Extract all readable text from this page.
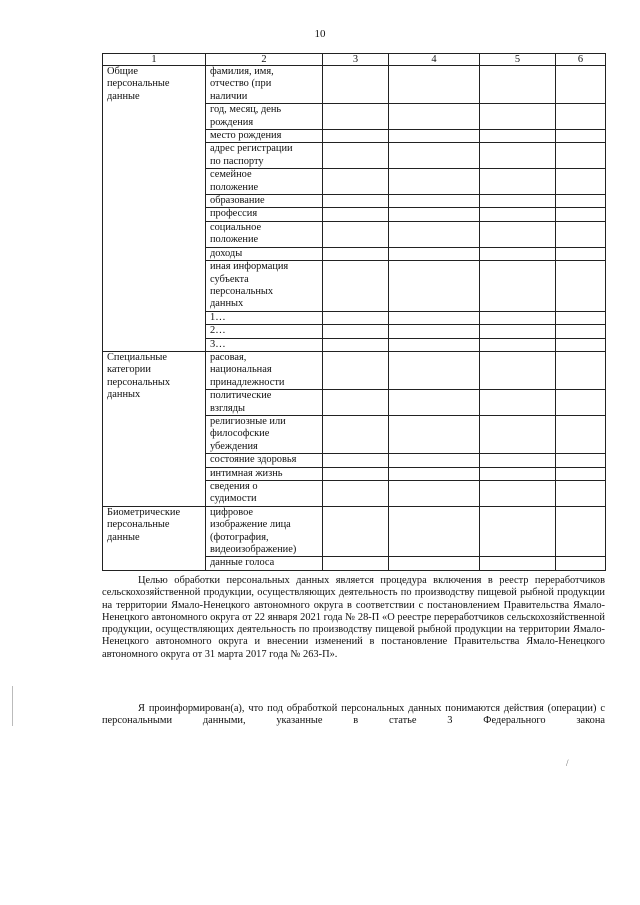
10
1	2	3	4	5	6
Общие
персональные
данные	фамилия, имя,
отчество (при
наличии				
	год, месяц, день
рождения				
	место рождения				
	адрес регистрации
по паспорту				
	семейное
положение				
	образование				
	профессия				
	социальное
положение				
	доходы				
	иная информация
субъекта
персональных
данных				
	1…				
	2…				
	3…				
Специальные
категории
персональных
данных	расовая,
национальная
принадлежности				
	политические
взгляды				
	религиозные или
философские
убеждения				
	состояние здоровья				
	интимная жизнь				
	сведения о
судимости				
Биометрические
персональные
данные	цифровое
изображение лица
(фотография,
видеоизображение)				
	данные голоса				

Целью обработки персональных данных является процедура включения в реестр переработчиков сельскохозяйственной продукции, осуществляющих деятельность по производству пищевой рыбной продукции на территории Ямало-Ненецкого автономного округа в соответствии с постановлением Правительства Ямало-Ненецкого автономного округа от 22 января 2021 года № 28-П «О реестре переработчиков сельскохозяйственной продукции, осуществляющих деятельность по производству пищевой рыбной продукции на территории Ямало-Ненецкого автономного округа и внесении изменений в постановление Правительства Ямало-Ненецкого автономного округа от 31 марта 2017 года № 263-П».

Я проинформирован(а), что под обработкой персональных данных понимаются действия (операции) с персональными данными, указанные в статье 3 Федерального закона

/
